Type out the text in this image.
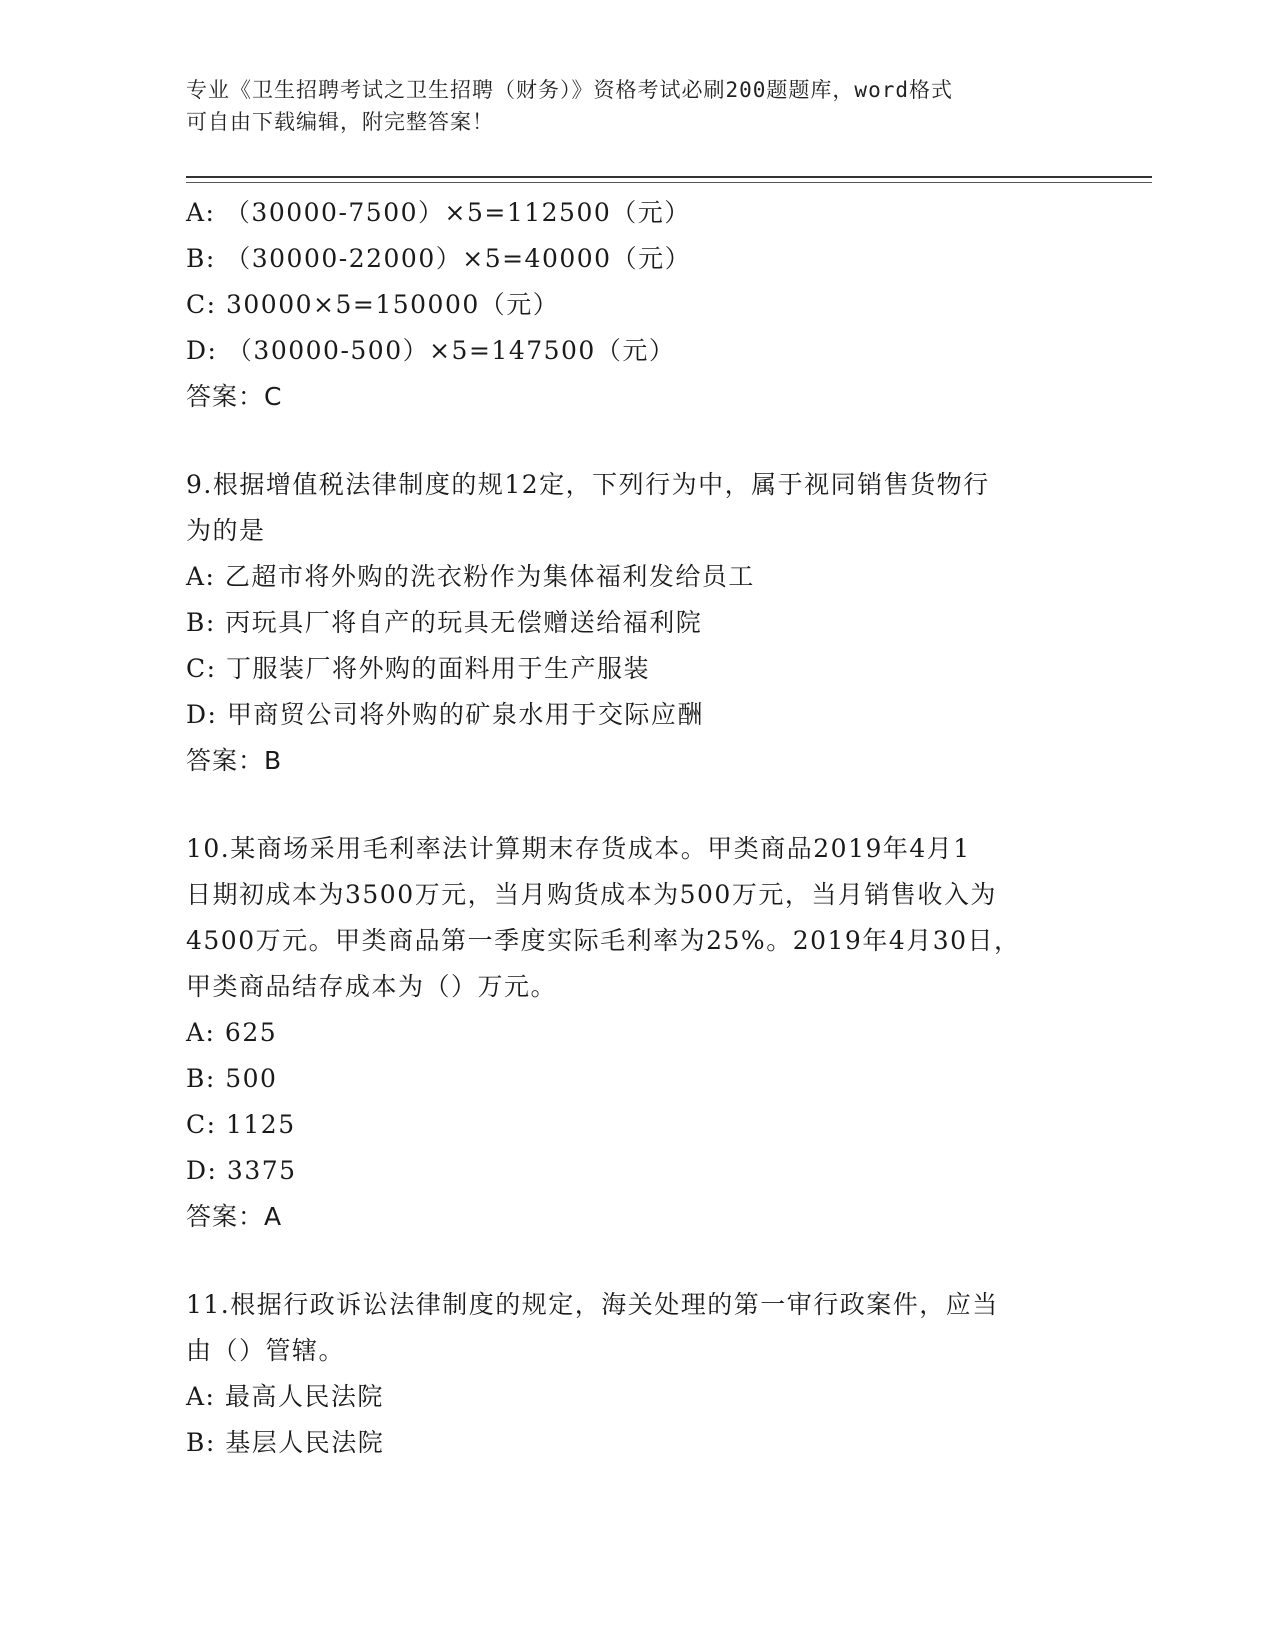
专业《卫生招聘考试之卫生招聘（财务）》资格考试必刷200题题库，word格式
可自由下载编辑，附完整答案！
A: （30000-7500）×5=112500（元）
B: （30000-22000）×5=40000（元）
C: 30000×5=150000（元）
D: （30000-500）×5=147500（元）
答案：C
9.根据增值税法律制度的规12定，下列行为中，属于视同销售货物行
为的是
A: 乙超市将外购的洗衣粉作为集体福利发给员工
B: 丙玩具厂将自产的玩具无偿赠送给福利院
C: 丁服装厂将外购的面料用于生产服装
D: 甲商贸公司将外购的矿泉水用于交际应酬
答案：B
10.某商场采用毛利率法计算期末存货成本。甲类商品2019年4月1
日期初成本为3500万元，当月购货成本为500万元，当月销售收入为
4500万元。甲类商品第一季度实际毛利率为25%。2019年4月30日，
甲类商品结存成本为（）万元。
A: 625
B: 500
C: 1125
D: 3375
答案：A
11.根据行政诉讼法律制度的规定，海关处理的第一审行政案件，应当
由（）管辖。
A: 最高人民法院
B: 基层人民法院
